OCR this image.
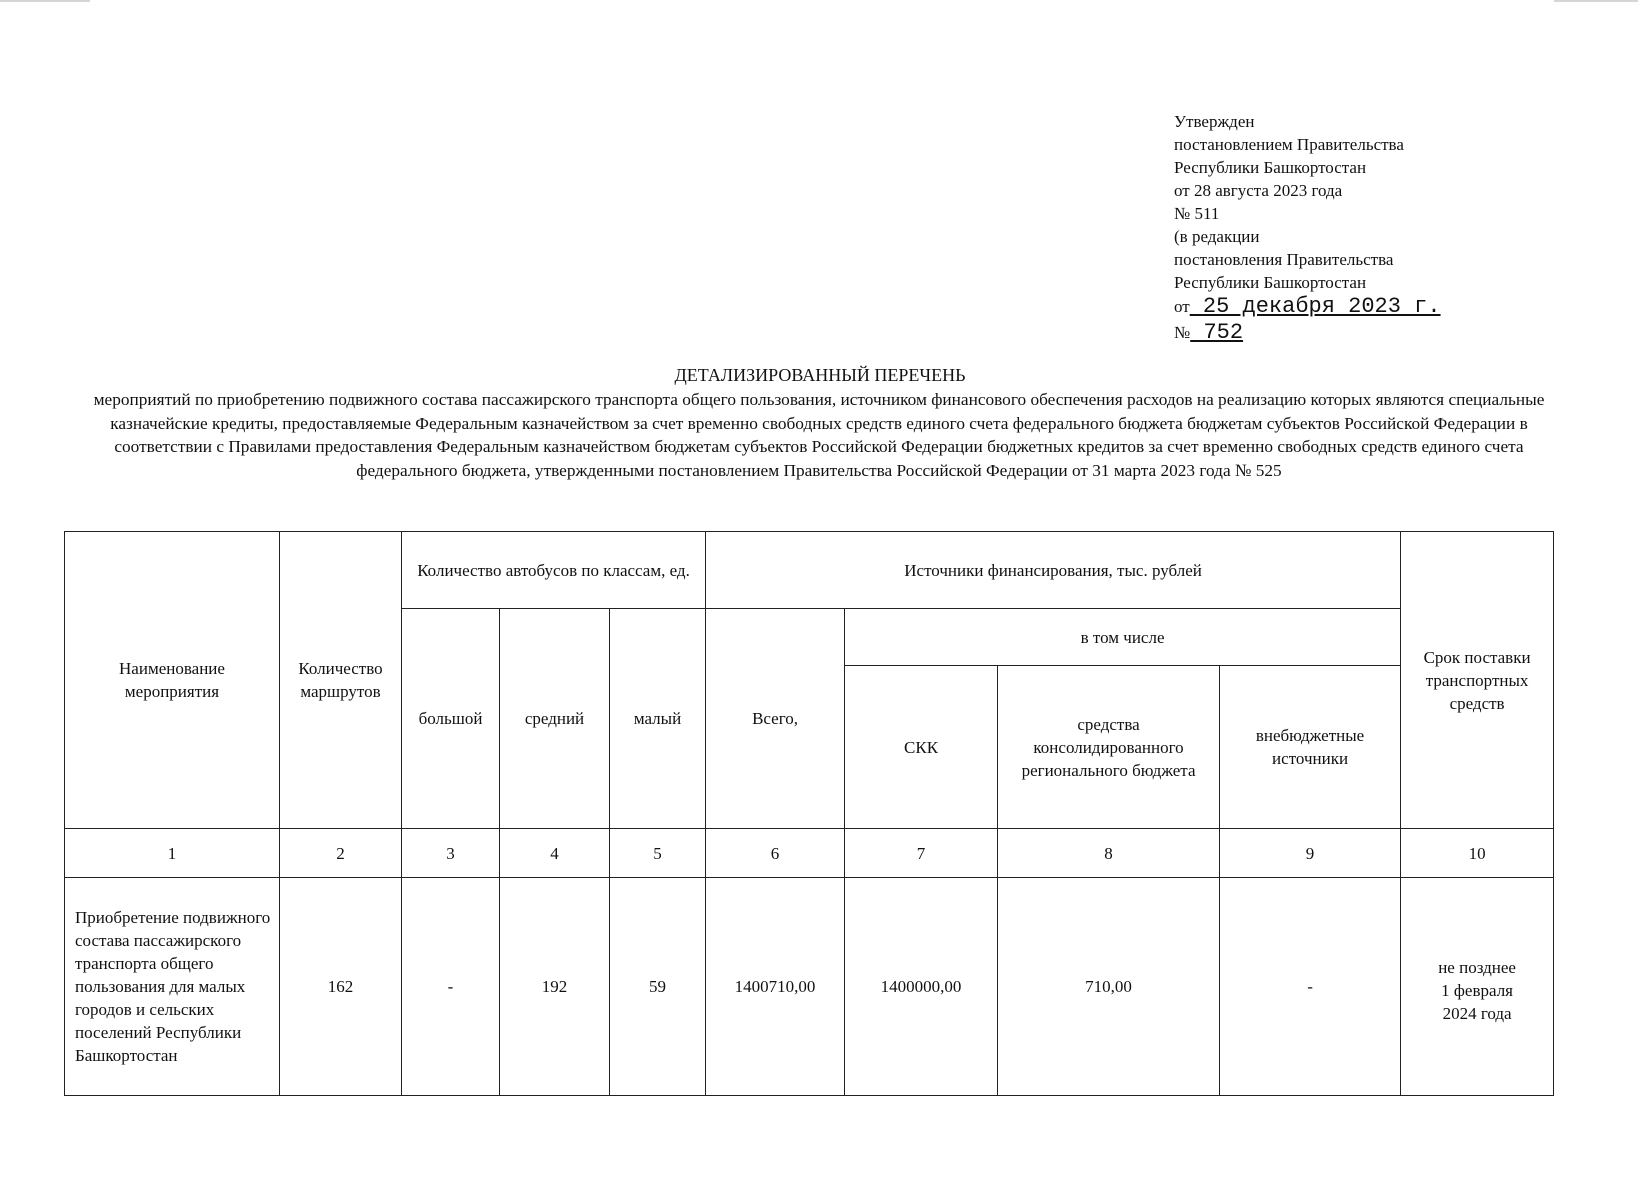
Утвержден
постановлением Правительства
Республики Башкортостан
от 28 августа 2023 года
№ 511
(в редакции
постановления Правительства
Республики Башкортостан
от 25 декабря 2023 г.
№ 752
ДЕТАЛИЗИРОВАННЫЙ ПЕРЕЧЕНЬ
мероприятий по приобретению подвижного состава пассажирского транспорта общего пользования, источником финансового обеспечения расходов на реализацию которых являются специальные казначейские кредиты, предоставляемые Федеральным казначейством за счет временно свободных средств единого счета федерального бюджета бюджетам субъектов Российской Федерации в соответствии с Правилами предоставления Федеральным казначейством бюджетам субъектов Российской Федерации бюджетных кредитов за счет временно свободных средств единого счета федерального бюджета, утвержденными постановлением Правительства Российской Федерации от 31 марта 2023 года № 525
Наименование мероприятия	Количество маршрутов	Количество автобусов по классам, ед.			Источники финансирования, тыс. рублей				Срок поставки транспортных средств
		большой	средний	малый	Всего,	в том числе			
						СКК	средства консолидированного регионального бюджета	внебюджетные источники	
1	2	3	4	5	6	7	8	9	10
Приобретение подвижного состава пассажирского транспорта общего пользования для малых городов и сельских поселений Республики Башкортостан	162	-	192	59	1400710,00	1400000,00	710,00	-	не позднее
1 февраля
2024 года
